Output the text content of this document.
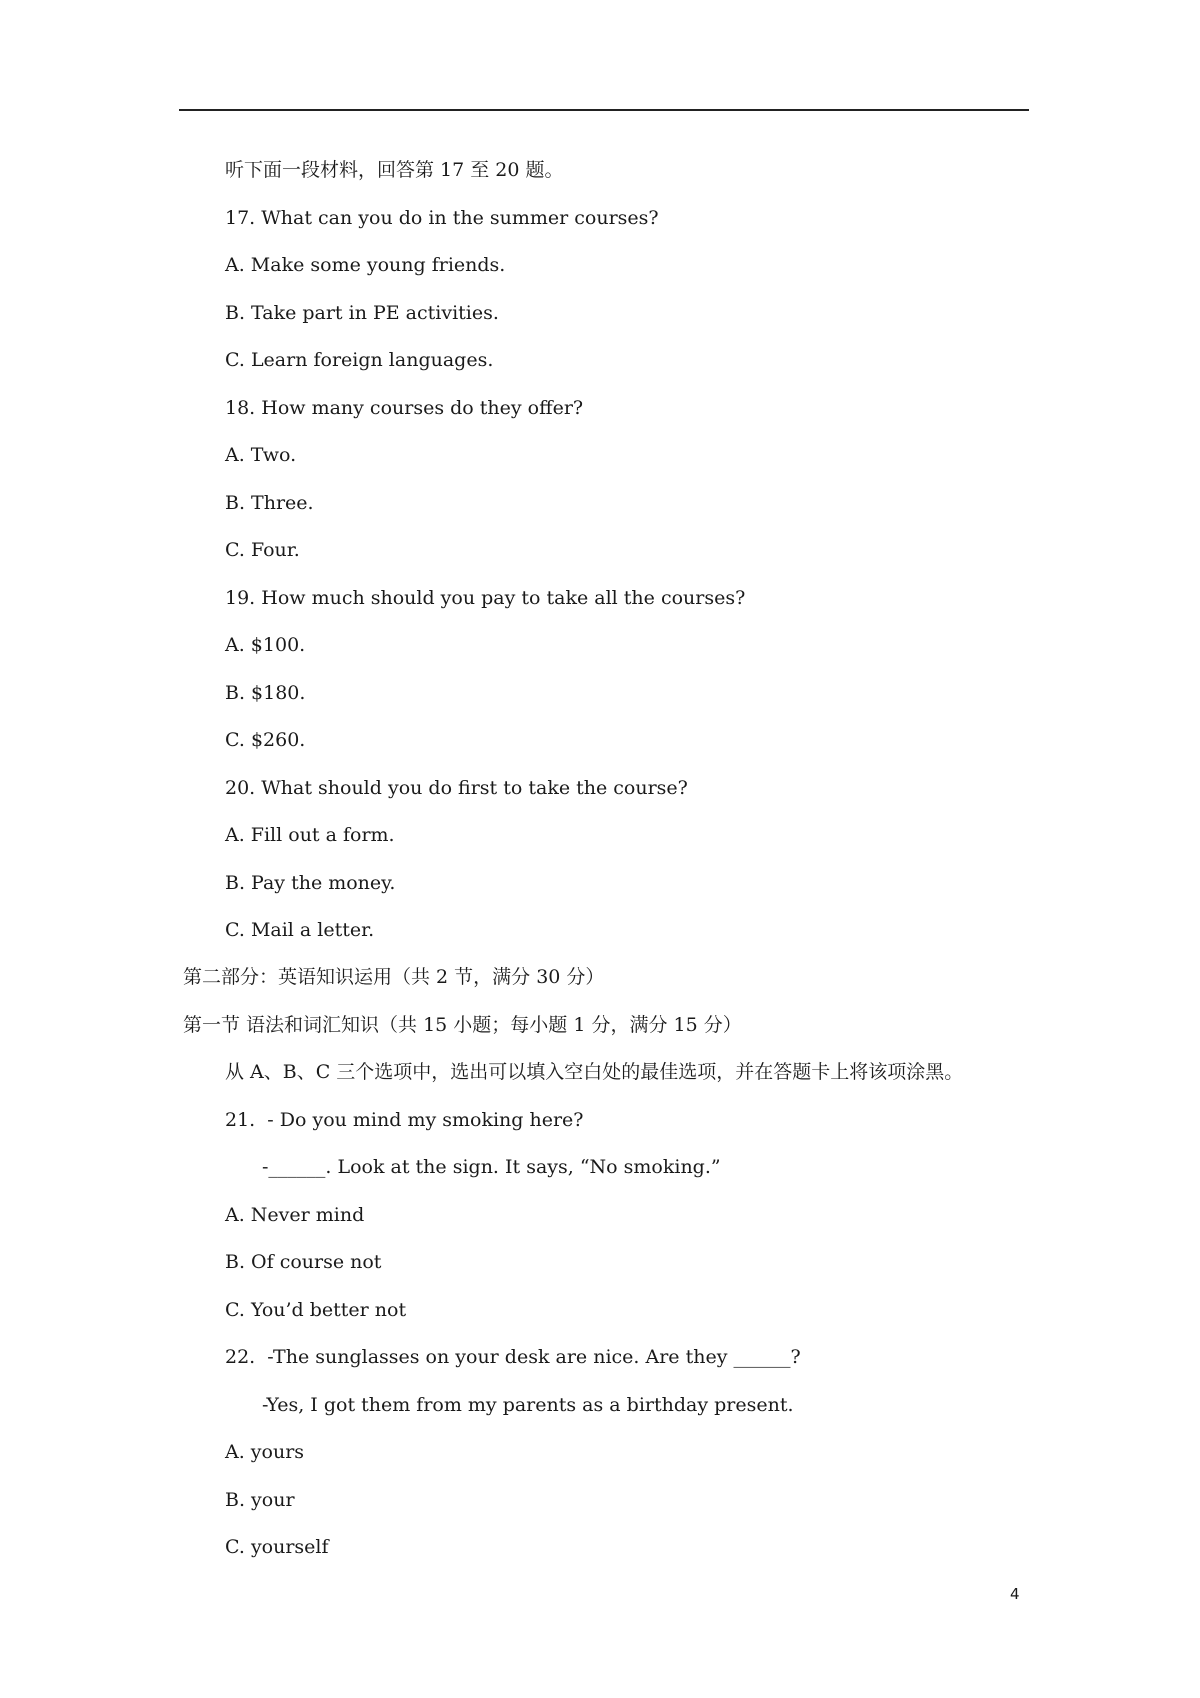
听下面一段材料，回答第 17 至 20 题。
17. What can you do in the summer courses?
A. Make some young friends.
B. Take part in PE activities.
C. Learn foreign languages.
18. How many courses do they offer?
A. Two.
B. Three.
C. Four.
19. How much should you pay to take all the courses?
A. $100.
B. $180.
C. $260.
20. What should you do first to take the course?
A. Fill out a form.
B. Pay the money.
C. Mail a letter.
第二部分：英语知识运用（共 2 节，满分 30 分）
第一节 语法和词汇知识（共 15 小题；每小题 1 分，满分 15 分）
从 A、B、C 三个选项中，选出可以填入空白处的最佳选项，并在答题卡上将该项涂黑。
21.  - Do you mind my smoking here?
-______. Look at the sign. It says, “No smoking.”
A. Never mind
B. Of course not
C. You’d better not
22.  -The sunglasses on your desk are nice. Are they ______?
-Yes, I got them from my parents as a birthday present.
A. yours
B. your
C. yourself
4
